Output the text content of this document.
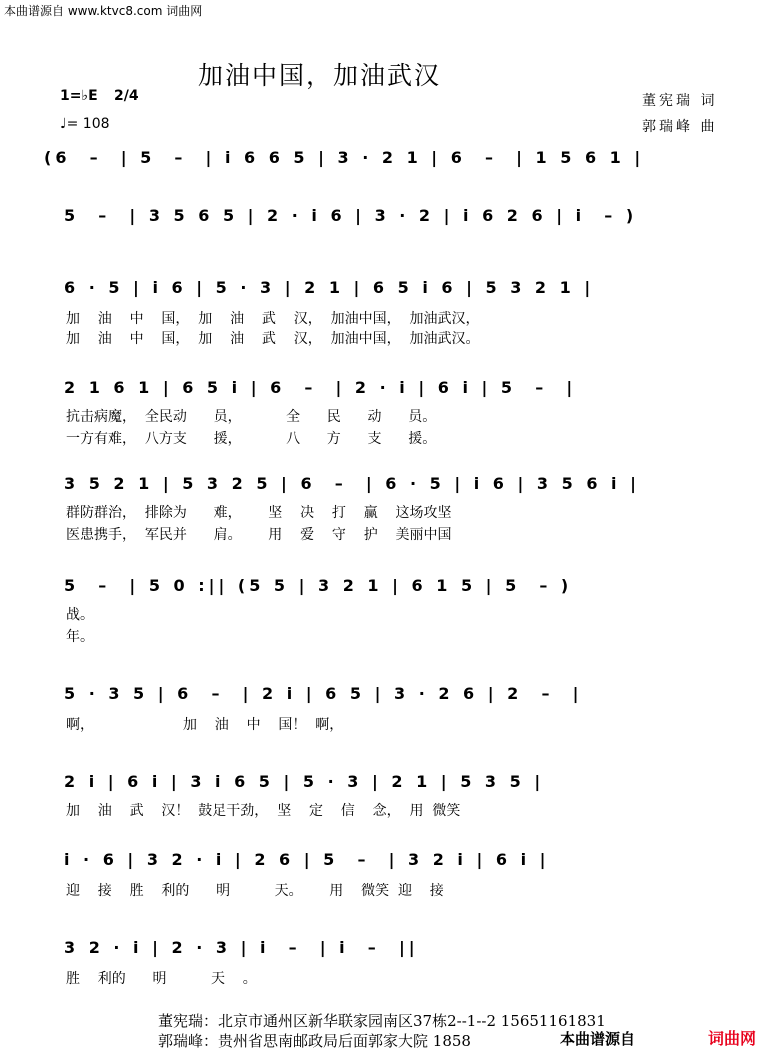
本曲谱源自 www.ktvc8.com 词曲网
加油中国，加油武汉
1=♭E 2/4
♩= 108
董宪瑞 词
郭瑞峰 曲
(6  –  | 5  –  | i 6 6 5 | 3 · 2 1 | 6  –  | 1 5 6 1 |
5  –  | 3 5 6 5 | 2 · i 6 | 3 · 2 | i 6 2 6 | i  – )
6 · 5 | i 6 | 5 · 3 | 2 1 | 6 5 i 6 | 5 3 2 1 |
加    油    中    国，  加    油    武    汉，  加油中国，  加油武汉，
加    油    中    国，  加    油    武    汉，  加油中国，  加油武汉。
2 1 6 1 | 6 5 i | 6  –  | 2 · i | 6 i | 5  –  |
抗击病魔，  全民动      员，          全      民      动      员。
一方有难，  八方支      援，          八      方      支      援。
3 5 2 1 | 5 3 2 5 | 6  –  | 6 · 5 | i 6 | 3 5 6 i |
群防群治，  排除为      难，      坚    决    打    赢    这场攻坚
医患携手，  军民并      肩。      用    爱    守    护    美丽中国
5  –  | 5 0 :|| (5 5 | 3 2 1 | 6 1 5 | 5  – )
战。
年。
5 · 3 5 | 6  –  | 2 i | 6 5 | 3 · 2 6 | 2  –  |
啊，                    加    油    中    国！  啊，
2 i | 6 i | 3 i 6 5 | 5 · 3 | 2 1 | 5 3 5 |
加    油    武    汉！  鼓足干劲，  坚    定    信    念，  用  微笑
i · 6 | 3 2 · i | 2 6 | 5  –  | 3 2 i | 6 i |
迎    接    胜    利的      明          天。      用    微笑  迎    接
3 2 · i | 2 · 3 | i  –  | i  –  ||
胜    利的      明          天    。
董宪瑞：北京市通州区新华联家园南区37栋2--1--2 15651161831
郭瑞峰：贵州省思南邮政局后面郭家大院 1858	本曲谱源自	词曲网
